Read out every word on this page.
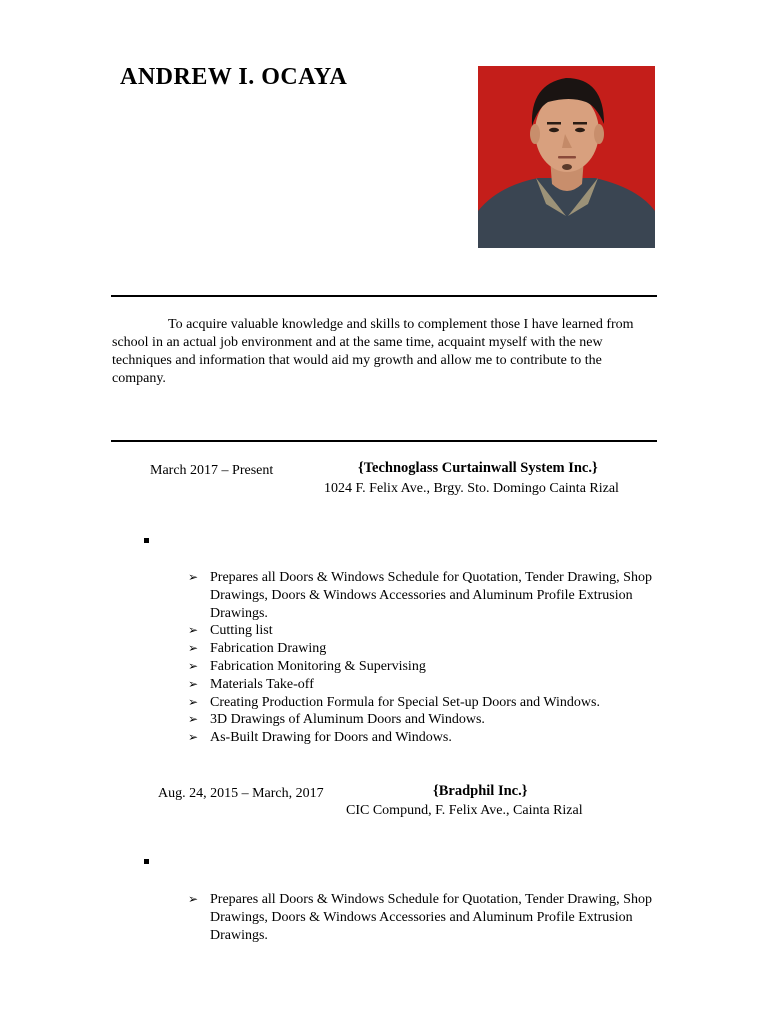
ANDREW I. OCAYA
To acquire valuable knowledge and skills to complement those I have learned from school in an actual job environment and at the same time, acquaint myself with the new techniques and information that would aid my growth and allow me to contribute to the company.
March 2017 – Present	{Technoglass Curtainwall System Inc.}
1024 F. Felix Ave., Brgy. Sto. Domingo Cainta Rizal
➢ Prepares all Doors & Windows Schedule for Quotation, Tender Drawing, Shop Drawings, Doors & Windows Accessories and Aluminum Profile Extrusion Drawings.
➢ Cutting list
➢ Fabrication Drawing
➢ Fabrication Monitoring & Supervising
➢ Materials Take-off
➢ Creating Production Formula for Special Set-up Doors and Windows.
➢ 3D Drawings of Aluminum Doors and Windows.
➢ As-Built Drawing for Doors and Windows.
Aug. 24, 2015 – March, 2017	{Bradphil Inc.}
CIC Compund, F. Felix Ave., Cainta Rizal
➢ Prepares all Doors & Windows Schedule for Quotation, Tender Drawing, Shop Drawings, Doors & Windows Accessories and Aluminum Profile Extrusion Drawings.
